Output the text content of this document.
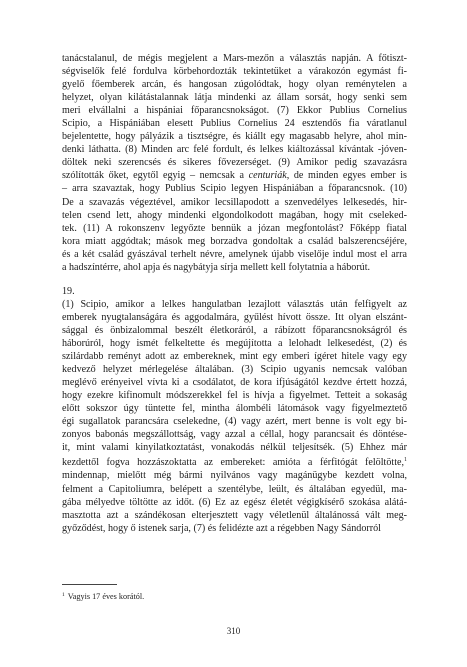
tanácstalanul, de mégis megjelent a Mars-mezőn a választás napján. A főtiszt-

ségviselők felé fordulva körbehordozták tekintetüket a várakozón egymást fi-

gyelő főemberek arcán, és hangosan zúgolódtak, hogy olyan reménytelen a

helyzet, olyan kilátástalannak látja mindenki az állam sorsát, hogy senki sem

meri elvállalni a hispániai főparancsnokságot. (7) Ekkor Publius Cornelius

Scipio, a Hispániában elesett Publius Cornelius 24 esztendős fia váratlanul

bejelentette, hogy pályázik a tisztségre, és kiállt egy magasabb helyre, ahol min-

denki láthatta. (8) Minden arc felé fordult, és lelkes kiáltozással kívántak -jóven-

döltek neki szerencsés és sikeres fővezerséget. (9) Amikor pedig szavazásra

szólították őket, egytől egyig – nemcsak a centuriák, de minden egyes ember is

– arra szavaztak, hogy Publius Scipio legyen Hispániában a főparancsnok. (10)

De a szavazás végeztével, amikor lecsillapodott a szenvedélyes lelkesedés, hir-

telen csend lett, ahogy mindenki elgondolkodott magában, hogy mit cseleked-

tek. (11) A rokonszenv legyőzte bennük a józan megfontolást? Főképp fiatal

kora miatt aggódtak; mások meg borzadva gondoltak a család balszerencséjére,

és a két család gyászával terhelt névre, amelynek újabb viselője indul most el arra

a hadszíntérre, ahol apja és nagybátyja sírja mellett kell folytatnia a háborút.

19.

(1) Scipio, amikor a lelkes hangulatban lezajlott választás után felfigyelt az

emberek nyugtalanságára és aggodalmára, gyűlést hívott össze. Itt olyan elszánt-

sággal és önbizalommal beszélt életkoráról, a rábízott főparancsnokságról és

háborúról, hogy ismét felkeltette és megújította a lelohadt lelkesedést, (2) és

szilárdabb reményt adott az embereknek, mint egy emberi ígéret hitele vagy egy

kedvező helyzet mérlegelése általában. (3) Scipio ugyanis nemcsak valóban

meglévő erényeivel vívta ki a csodálatot, de kora ifjúságától kezdve értett hozzá,

hogy ezekre kifinomult módszerekkel fel is hívja a figyelmet. Tetteit a sokaság

előtt sokszor úgy tüntette fel, mintha álombéli látomások vagy figyelmeztető

égi sugallatok parancsára cselekedne, (4) vagy azért, mert benne is volt egy bi-

zonyos babonás megszállottság, vagy azzal a céllal, hogy parancsait és döntése-

it, mint valami kinyilatkoztatást, vonakodás nélkül teljesítsék. (5) Ehhez már

kezdettől fogva hozzászoktatta az embereket: amióta a férfitógát felöltötte,$^1$

mindennap, mielőtt még bármi nyilvános vagy magánügybe kezdett volna,

felment a Capitoliumra, belépett a szentélybe, leült, és általában egyedül, ma-

gába mélyedve töltötte az időt. (6) Ez az egész életét végigkísérő szokása alátá-

masztotta azt a szándékosan elterjesztett vagy véletlenül általánossá vált meg-

győződést, hogy ő istenek sarja, (7) és felidézte azt a régebben Nagy Sándorról

$^1$ Vagyis 17 éves korától.
310
